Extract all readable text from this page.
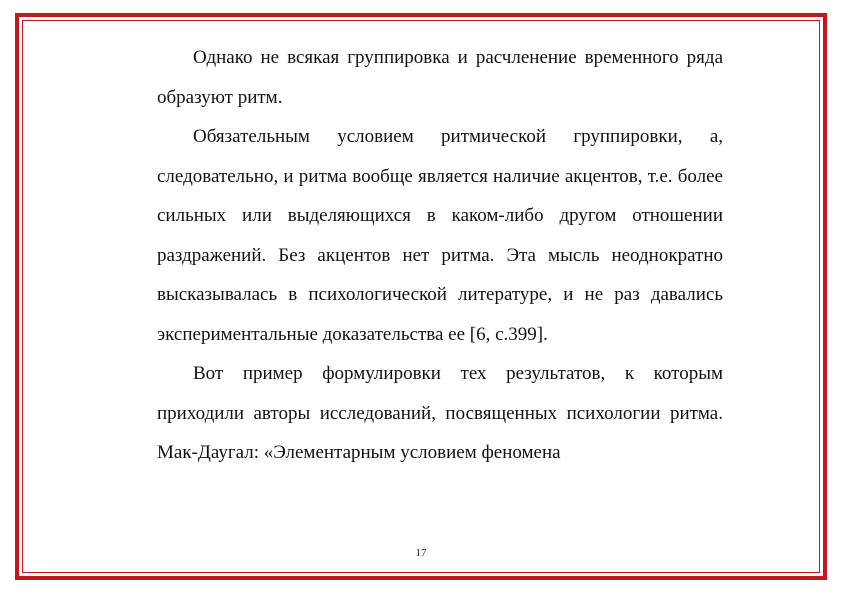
Однако не всякая группировка и расчленение временного ряда образуют ритм.

Обязательным условием ритмической группировки, а, следовательно, и ритма вообще является наличие акцентов, т.е. более сильных или выделяющихся в каком-либо другом отношении раздражений. Без акцентов нет ритма. Эта мысль неоднократно высказывалась в психологической литературе, и не раз давались экспериментальные доказательства ее [6, с.399].

Вот пример формулировки тех результатов, к которым приходили авторы исследований, посвященных психологии ритма. Мак-Даугал: «Элементарным условием феномена

17
